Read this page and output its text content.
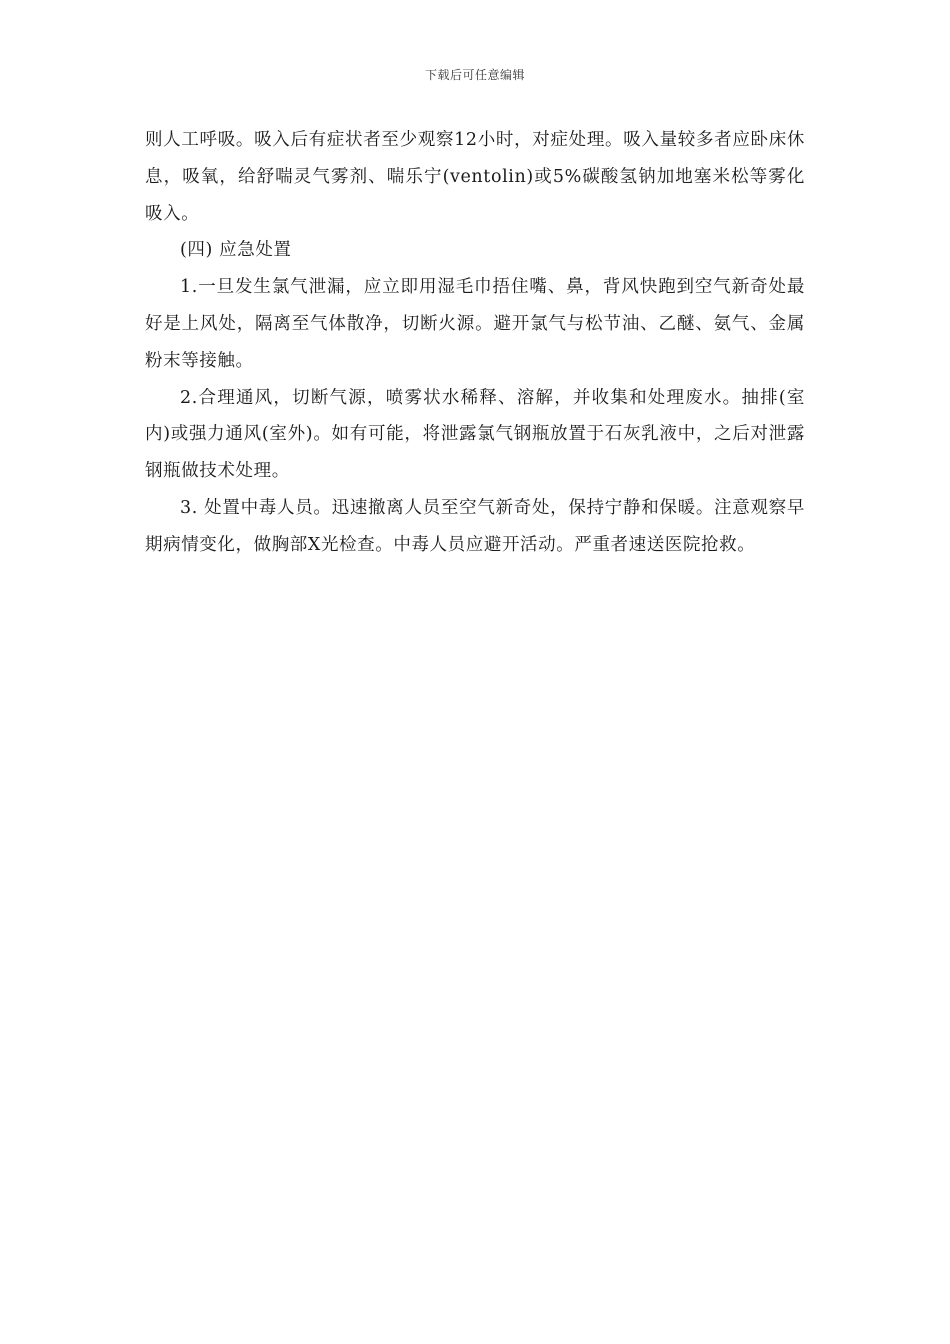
下载后可任意编辑

则人工呼吸。吸入后有症状者至少观察12小时，对症处理。吸入量较多者应卧床休息，吸氧，给舒喘灵气雾剂、喘乐宁(ventolin)或5%碳酸氢钠加地塞米松等雾化吸入。

(四) 应急处置

1.一旦发生氯气泄漏，应立即用湿毛巾捂住嘴、鼻，背风快跑到空气新奇处最好是上风处，隔离至气体散净，切断火源。避开氯气与松节油、乙醚、氨气、金属粉末等接触。

2.合理通风，切断气源，喷雾状水稀释、溶解，并收集和处理废水。抽排(室内)或强力通风(室外)。如有可能，将泄露氯气钢瓶放置于石灰乳液中，之后对泄露钢瓶做技术处理。

3. 处置中毒人员。迅速撤离人员至空气新奇处，保持宁静和保暖。注意观察早期病情变化，做胸部X光检查。中毒人员应避开活动。严重者速送医院抢救。
